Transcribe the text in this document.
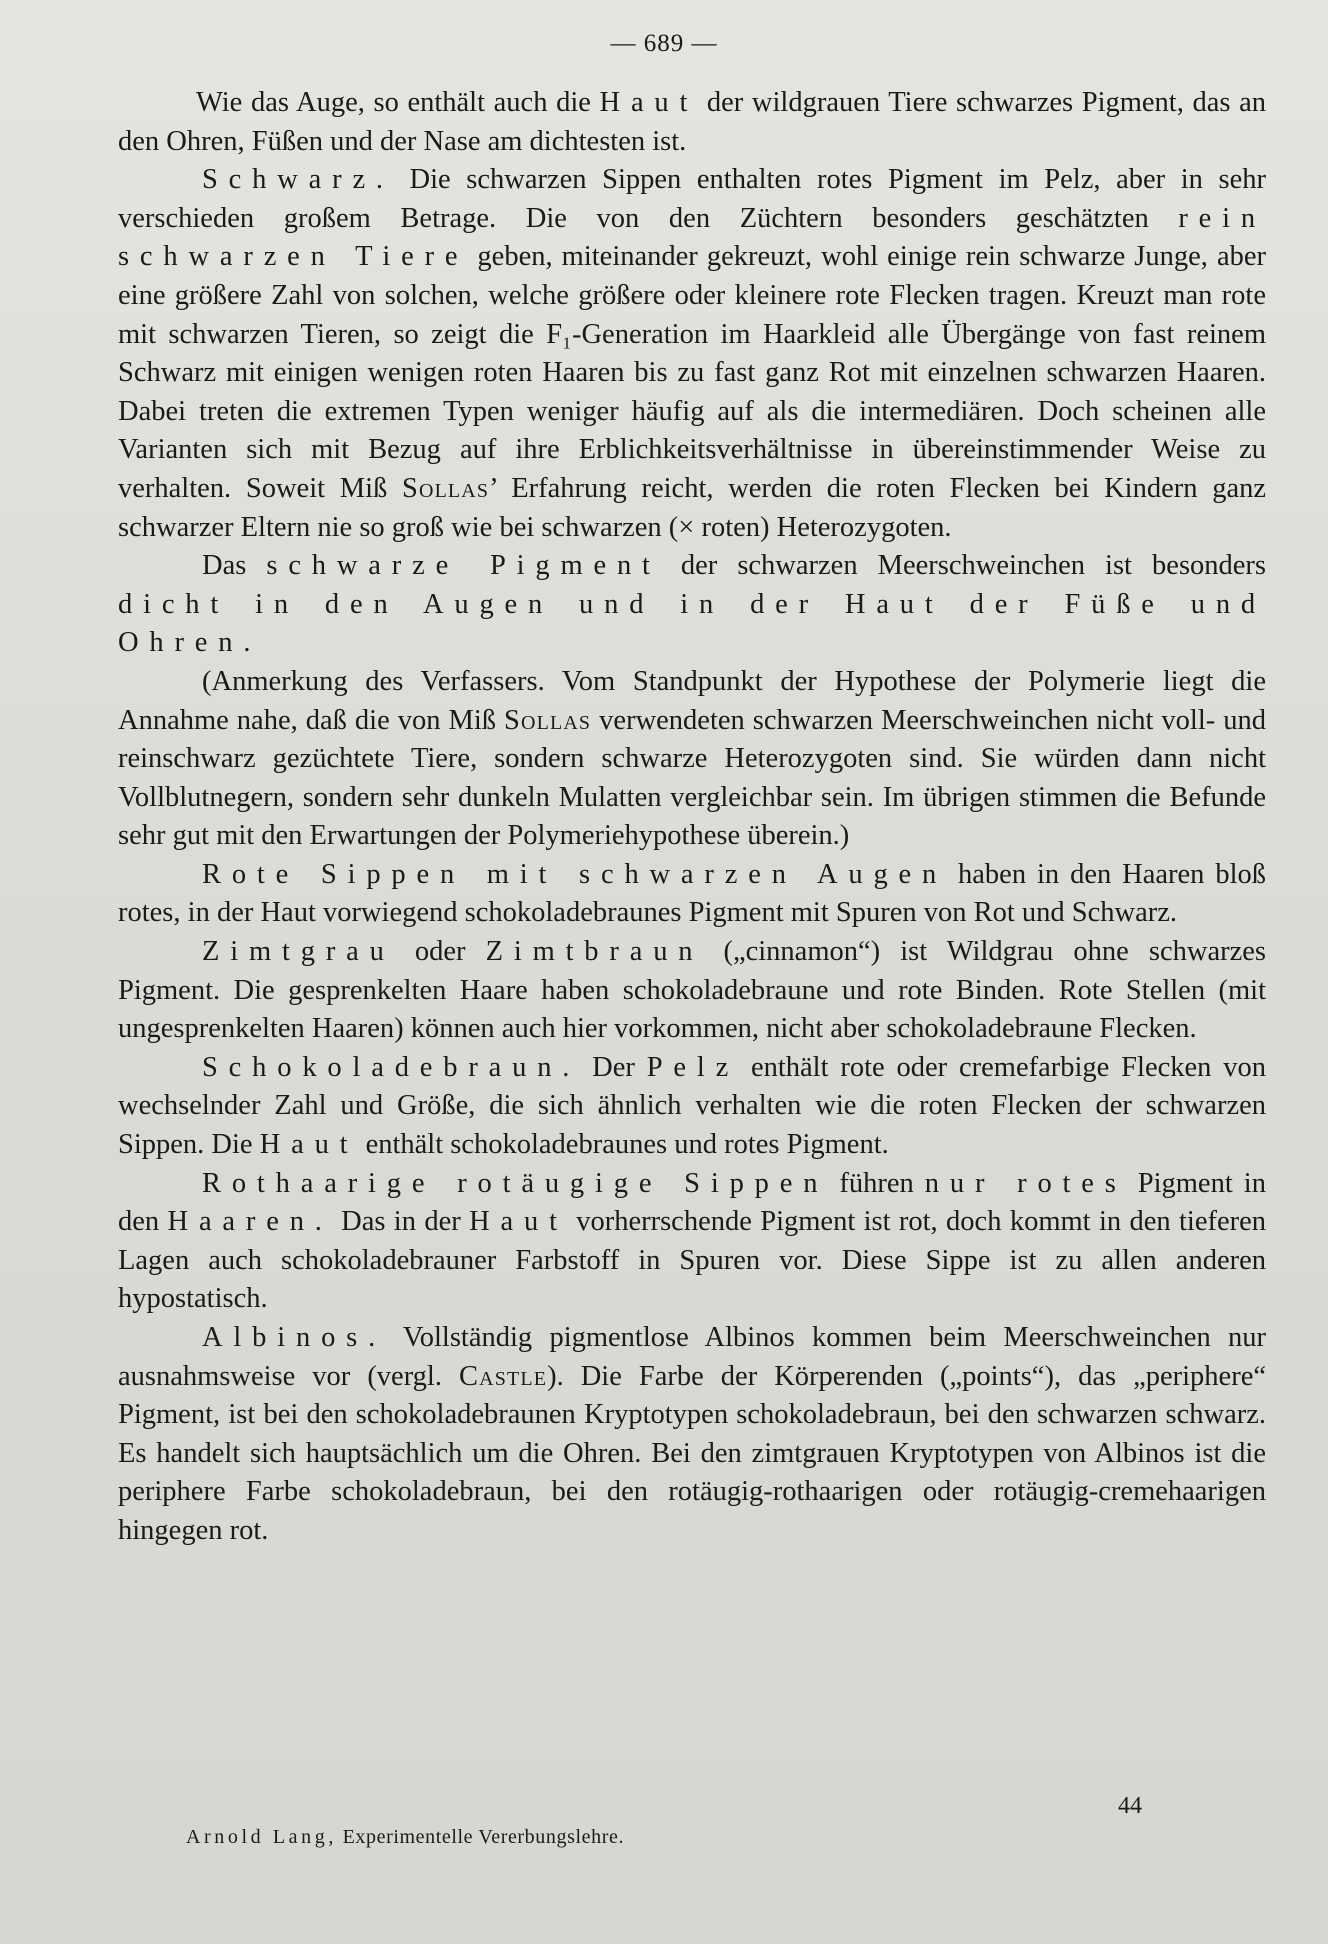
— 689 —

Wie das Auge, so enthält auch die Haut der wildgrauen Tiere schwarzes Pigment, das an den Ohren, Füßen und der Nase am dichtesten ist.

Schwarz. Die schwarzen Sippen enthalten rotes Pigment im Pelz, aber in sehr verschieden großem Betrage. Die von den Züchtern besonders geschätzten rein schwarzen Tiere geben, miteinander gekreuzt, wohl einige rein schwarze Junge, aber eine größere Zahl von solchen, welche größere oder kleinere rote Flecken tragen. Kreuzt man rote mit schwarzen Tieren, so zeigt die F₁-Generation im Haarkleid alle Übergänge von fast reinem Schwarz mit einigen wenigen roten Haaren bis zu fast ganz Rot mit einzelnen schwarzen Haaren. Dabei treten die extremen Typen weniger häufig auf als die intermediären. Doch scheinen alle Varianten sich mit Bezug auf ihre Erblichkeitsverhältnisse in übereinstimmender Weise zu verhalten. Soweit Miß Sollas’ Erfahrung reicht, werden die roten Flecken bei Kindern ganz schwarzer Eltern nie so groß wie bei schwarzen (× roten) Heterozygoten.

Das schwarze Pigment der schwarzen Meerschweinchen ist besonders dicht in den Augen und in der Haut der Füße und Ohren.

(Anmerkung des Verfassers. Vom Standpunkt der Hypothese der Polymerie liegt die Annahme nahe, daß die von Miß Sollas verwendeten schwarzen Meerschweinchen nicht voll- und reinschwarz gezüchtete Tiere, sondern schwarze Heterozygoten sind. Sie würden dann nicht Vollblutnegern, sondern sehr dunkeln Mulatten vergleichbar sein. Im übrigen stimmen die Befunde sehr gut mit den Erwartungen der Polymeriehypothese überein.)

Rote Sippen mit schwarzen Augen haben in den Haaren bloß rotes, in der Haut vorwiegend schokoladebraunes Pigment mit Spuren von Rot und Schwarz.

Zimtgrau oder Zimtbraun („cinnamon“) ist Wildgrau ohne schwarzes Pigment. Die gesprenkelten Haare haben schokoladebraune und rote Binden. Rote Stellen (mit ungesprenkelten Haaren) können auch hier vorkommen, nicht aber schokoladebraune Flecken.

Schokoladebraun. Der Pelz enthält rote oder cremefarbige Flecken von wechselnder Zahl und Größe, die sich ähnlich verhalten wie die roten Flecken der schwarzen Sippen. Die Haut enthält schokoladebraunes und rotes Pigment.

Rothaarige rotäugige Sippen führen nur rotes Pigment in den Haaren. Das in der Haut vorherrschende Pigment ist rot, doch kommt in den tieferen Lagen auch schokoladebrauner Farbstoff in Spuren vor. Diese Sippe ist zu allen anderen hypostatisch.

Albinos. Vollständig pigmentlose Albinos kommen beim Meerschweinchen nur ausnahmsweise vor (vergl. Castle). Die Farbe der Körperenden („points“), das „periphere“ Pigment, ist bei den schokoladebraunen Kryptotypen schokoladebraun, bei den schwarzen schwarz. Es handelt sich hauptsächlich um die Ohren. Bei den zimtgrauen Kryptotypen von Albinos ist die periphere Farbe schokoladebraun, bei den rotäugig-rothaarigen oder rotäugig-cremehaarigen hingegen rot.

44
Arnold Lang, Experimentelle Vererbungslehre.
